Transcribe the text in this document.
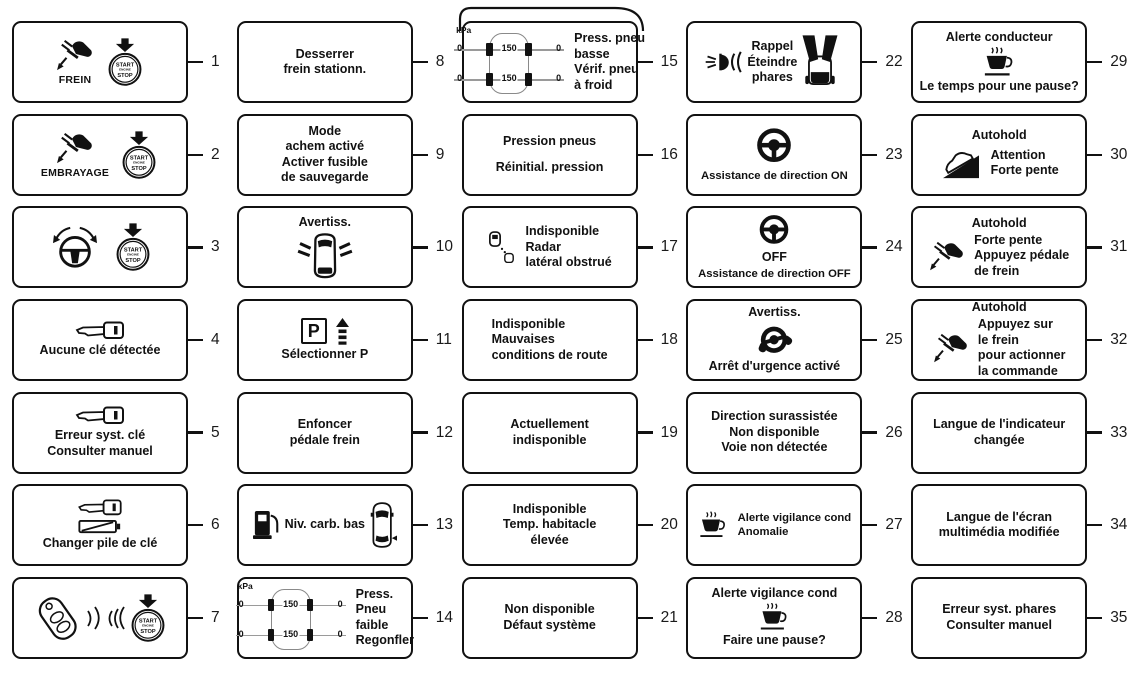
FREIN
START
ENGINE
STOP
1	Desserrer
frein stationn.	8
kPa
0	150	0
0	150	0
Press. pneu
basse
Vérif. pneu
à froid
15
Rappel
Éteindre
phares
22
Alerte conducteur
Le temps pour une pause?
29
EMBRAYAGE
START
ENGINE
STOP
2
Mode
achem activé
Activer fusible
de sauvegarde
9
Pression pneus
Réinitial. pression
16
Assistance de direction ON
23
Autohold
Attention
Forte pente
30
START
ENGINE
STOP
3
Avertiss.
10
Indisponible
Radar
latéral obstrué
17
OFF
Assistance de direction OFF
24
Autohold
Forte pente
Appuyez pédale
de frein
31
Aucune clé détectée
4	P
Sélectionner P
11
Indisponible
Mauvaises
conditions de route
18
Avertiss.
Arrêt d'urgence activé
25
Autohold
Appuyez sur
le frein
pour actionner
la commande
32
Erreur syst. clé
Consulter manuel
5	Enfoncer
pédale frein	12	Actuellement
indisponible	19
Direction surassistée
Non disponible
Voie non détectée
26 Langue de l'indicateur
changée	33
Changer pile de clé
6	Niv. carb. bas	13
Indisponible
Temp. habitacle
élevée
20	Alerte vigilance cond
Anomalie	27	Langue de l'écran
multimédia modifiée	34
START
ENGINE
STOP
7
kPa
0	150	0
0	150	0
Press.
Pneu
faible
Regonfler
14	Non disponible
Défaut système	21
Alerte vigilance cond
Faire une pause?
28	Erreur syst. phares
Consulter manuel	35
